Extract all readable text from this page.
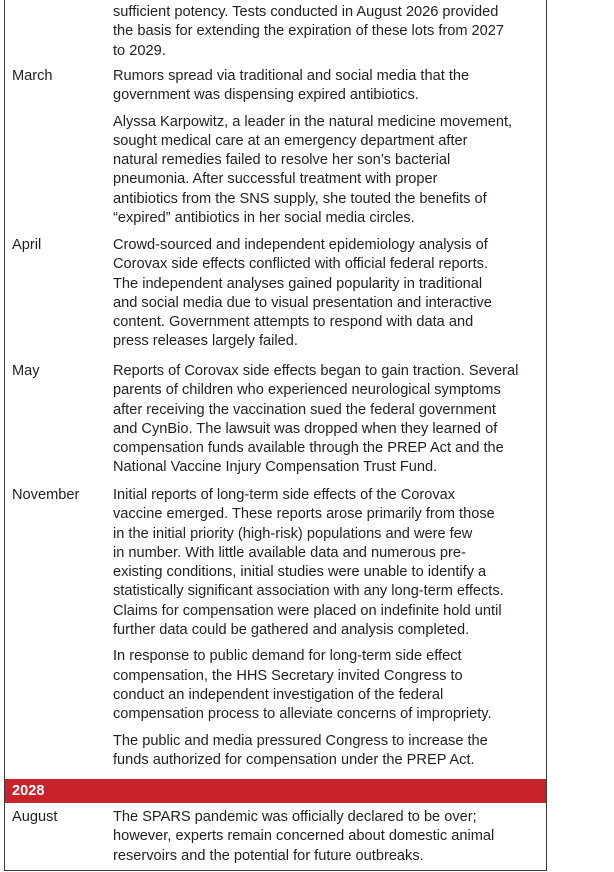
sufficient potency. Tests conducted in August 2026 provided

the basis for extending the expiration of these lots from 2027

to 2029.

March	Rumors spread via traditional and social media that the

government was dispensing expired antibiotics.

Alyssa Karpowitz, a leader in the natural medicine movement,

sought medical care at an emergency department after

natural remedies failed to resolve her son’s bacterial

pneumonia. After successful treatment with proper

antibiotics from the SNS supply, she touted the benefits of

“expired” antibiotics in her social media circles.

April	Crowd-sourced and independent epidemiology analysis of

Corovax side effects conflicted with official federal reports.

The independent analyses gained popularity in traditional

and social media due to visual presentation and interactive

content. Government attempts to respond with data and

press releases largely failed.

May	Reports of Corovax side effects began to gain traction. Several

parents of children who experienced neurological symptoms

after receiving the vaccination sued the federal government

and CynBio. The lawsuit was dropped when they learned of

compensation funds available through the PREP Act and the

National Vaccine Injury Compensation Trust Fund.

November	Initial reports of long-term side effects of the Corovax

vaccine emerged. These reports arose primarily from those

in the initial priority (high-risk) populations and were few

in number. With little available data and numerous pre-

existing conditions, initial studies were unable to identify a

statistically significant association with any long-term effects.

Claims for compensation were placed on indefinite hold until

further data could be gathered and analysis completed.

In response to public demand for long-term side effect

compensation, the HHS Secretary invited Congress to

conduct an independent investigation of the federal

compensation process to alleviate concerns of impropriety.

The public and media pressured Congress to increase the

funds authorized for compensation under the PREP Act.

2028
August	The SPARS pandemic was officially declared to be over;

however, experts remain concerned about domestic animal

reservoirs and the potential for future outbreaks.
